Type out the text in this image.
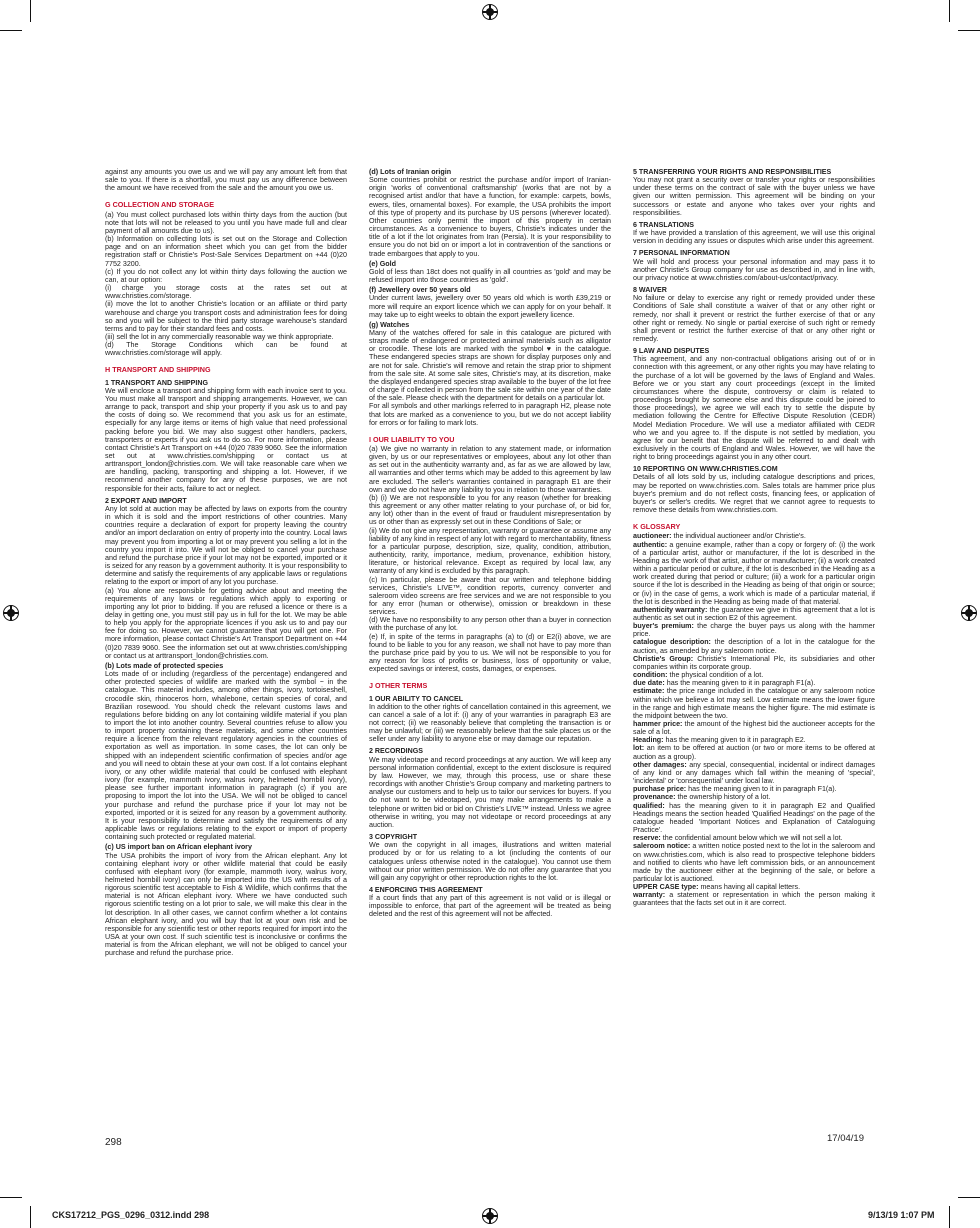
against any amounts you owe us and we will pay any amount left from that sale to you. If there is a shortfall, you must pay us any difference between the amount we have received from the sale and the amount you owe us.

G COLLECTION AND STORAGE

(a) You must collect purchased lots within thirty days from the auction (but note that lots will not be released to you until you have made full and clear payment of all amounts due to us).

(b) Information on collecting lots is set out on the Storage and Collection page and on an information sheet which you can get from the bidder registration staff or Christie's Post-Sale Services Department on +44 (0)20 7752 3200.

(c) If you do not collect any lot within thirty days following the auction we can, at our option:

(i) charge you storage costs at the rates set out at www.christies.com/storage.

(ii) move the lot to another Christie's location or an affiliate or third party warehouse and charge you transport costs and administration fees for doing so and you will be subject to the third party storage warehouse's standard terms and to pay for their standard fees and costs.

(iii) sell the lot in any commercially reasonable way we think appropriate.

(d) The Storage Conditions which can be found at www.christies.com/storage will apply.

H TRANSPORT AND SHIPPING

1 TRANSPORT AND SHIPPING

We will enclose a transport and shipping form with each invoice sent to you. You must make all transport and shipping arrangements. However, we can arrange to pack, transport and ship your property if you ask us to and pay the costs of doing so. We recommend that you ask us for an estimate, especially for any large items or items of high value that need professional packing before you bid. We may also suggest other handlers, packers, transporters or experts if you ask us to do so. For more information, please contact Christie's Art Transport on +44 (0)20 7839 9060. See the information set out at www.christies.com/shipping or contact us at arttransport_london@christies.com. We will take reasonable care when we are handling, packing, transporting and shipping a lot. However, if we recommend another company for any of these purposes, we are not responsible for their acts, failure to act or neglect.

2 EXPORT AND IMPORT

Any lot sold at auction may be affected by laws on exports from the country in which it is sold and the import restrictions of other countries. Many countries require a declaration of export for property leaving the country and/or an import declaration on entry of property into the country. Local laws may prevent you from importing a lot or may prevent you selling a lot in the country you import it into. We will not be obliged to cancel your purchase and refund the purchase price if your lot may not be exported, imported or it is seized for any reason by a government authority. It is your responsibility to determine and satisfy the requirements of any applicable laws or regulations relating to the export or import of any lot you purchase.

(a) You alone are responsible for getting advice about and meeting the requirements of any laws or regulations which apply to exporting or importing any lot prior to bidding. If you are refused a licence or there is a delay in getting one, you must still pay us in full for the lot. We may be able to help you apply for the appropriate licences if you ask us to and pay our fee for doing so. However, we cannot guarantee that you will get one. For more information, please contact Christie's Art Transport Department on +44 (0)20 7839 9060. See the information set out at www.christies.com/shipping or contact us at arttransport_london@christies.com.

(b) Lots made of protected species

Lots made of or including (regardless of the percentage) endangered and other protected species of wildlife are marked with the symbol ~ in the catalogue. This material includes, among other things, ivory, tortoiseshell, crocodile skin, rhinoceros horn, whalebone, certain species of coral, and Brazilian rosewood. You should check the relevant customs laws and regulations before bidding on any lot containing wildlife material if you plan to import the lot into another country. Several countries refuse to allow you to import property containing these materials, and some other countries require a licence from the relevant regulatory agencies in the countries of exportation as well as importation. In some cases, the lot can only be shipped with an independent scientific confirmation of species and/or age and you will need to obtain these at your own cost. If a lot contains elephant ivory, or any other wildlife material that could be confused with elephant ivory (for example, mammoth ivory, walrus ivory, helmeted hornbill ivory), please see further important information in paragraph (c) if you are proposing to import the lot into the USA. We will not be obliged to cancel your purchase and refund the purchase price if your lot may not be exported, imported or it is seized for any reason by a government authority. It is your responsibility to determine and satisfy the requirements of any applicable laws or regulations relating to the export or import of property containing such protected or regulated material.

(c) US import ban on African elephant ivory

The USA prohibits the import of ivory from the African elephant. Any lot containing elephant ivory or other wildlife material that could be easily confused with elephant ivory (for example, mammoth ivory, walrus ivory, helmeted hornbill ivory) can only be imported into the US with results of a rigorous scientific test acceptable to Fish & Wildlife, which confirms that the material is not African elephant ivory. Where we have conducted such rigorous scientific testing on a lot prior to sale, we will make this clear in the lot description. In all other cases, we cannot confirm whether a lot contains African elephant ivory, and you will buy that lot at your own risk and be responsible for any scientific test or other reports required for import into the USA at your own cost. If such scientific test is inconclusive or confirms the material is from the African elephant, we will not be obliged to cancel your purchase and refund the purchase price.

(d) Lots of Iranian origin

Some countries prohibit or restrict the purchase and/or import of Iranian-origin 'works of conventional craftsmanship' (works that are not by a recognised artist and/or that have a function, for example: carpets, bowls, ewers, tiles, ornamental boxes). For example, the USA prohibits the import of this type of property and its purchase by US persons (wherever located). Other countries only permit the import of this property in certain circumstances. As a convenience to buyers, Christie's indicates under the title of a lot if the lot originates from Iran (Persia). It is your responsibility to ensure you do not bid on or import a lot in contravention of the sanctions or trade embargoes that apply to you.

(e) Gold

Gold of less than 18ct does not qualify in all countries as 'gold' and may be refused import into those countries as 'gold'.

(f) Jewellery over 50 years old

Under current laws, jewellery over 50 years old which is worth £39,219 or more will require an export licence which we can apply for on your behalf. It may take up to eight weeks to obtain the export jewellery licence.

(g) Watches

Many of the watches offered for sale in this catalogue are pictured with straps made of endangered or protected animal materials such as alligator or crocodile. These lots are marked with the symbol ♥ in the catalogue. These endangered species straps are shown for display purposes only and are not for sale. Christie's will remove and retain the strap prior to shipment from the sale site. At some sale sites, Christie's may, at its discretion, make the displayed endangered species strap available to the buyer of the lot free of charge if collected in person from the sale site within one year of the date of the sale. Please check with the department for details on a particular lot.

For all symbols and other markings referred to in paragraph H2, please note that lots are marked as a convenience to you, but we do not accept liability for errors or for failing to mark lots.

I OUR LIABILITY TO YOU

(a) We give no warranty in relation to any statement made, or information given, by us or our representatives or employees, about any lot other than as set out in the authenticity warranty and, as far as we are allowed by law, all warranties and other terms which may be added to this agreement by law are excluded. The seller's warranties contained in paragraph E1 are their own and we do not have any liability to you in relation to those warranties.

(b) (i) We are not responsible to you for any reason (whether for breaking this agreement or any other matter relating to your purchase of, or bid for, any lot) other than in the event of fraud or fraudulent misrepresentation by us or other than as expressly set out in these Conditions of Sale; or

(ii) We do not give any representation, warranty or guarantee or assume any liability of any kind in respect of any lot with regard to merchantability, fitness for a particular purpose, description, size, quality, condition, attribution, authenticity, rarity, importance, medium, provenance, exhibition history, literature, or historical relevance. Except as required by local law, any warranty of any kind is excluded by this paragraph.

(c) In particular, please be aware that our written and telephone bidding services, Christie's LIVE™, condition reports, currency converter and saleroom video screens are free services and we are not responsible to you for any error (human or otherwise), omission or breakdown in these services.

(d) We have no responsibility to any person other than a buyer in connection with the purchase of any lot.

(e) If, in spite of the terms in paragraphs (a) to (d) or E2(i) above, we are found to be liable to you for any reason, we shall not have to pay more than the purchase price paid by you to us. We will not be responsible to you for any reason for loss of profits or business, loss of opportunity or value, expected savings or interest, costs, damages, or expenses.

J OTHER TERMS

1 OUR ABILITY TO CANCEL

In addition to the other rights of cancellation contained in this agreement, we can cancel a sale of a lot if: (i) any of your warranties in paragraph E3 are not correct; (ii) we reasonably believe that completing the transaction is or may be unlawful; or (iii) we reasonably believe that the sale places us or the seller under any liability to anyone else or may damage our reputation.

2 RECORDINGS

We may videotape and record proceedings at any auction. We will keep any personal information confidential, except to the extent disclosure is required by law. However, we may, through this process, use or share these recordings with another Christie's Group company and marketing partners to analyse our customers and to help us to tailor our services for buyers. If you do not want to be videotaped, you may make arrangements to make a telephone or written bid or bid on Christie's LIVE™ instead. Unless we agree otherwise in writing, you may not videotape or record proceedings at any auction.

3 COPYRIGHT

We own the copyright in all images, illustrations and written material produced by or for us relating to a lot (including the contents of our catalogues unless otherwise noted in the catalogue). You cannot use them without our prior written permission. We do not offer any guarantee that you will gain any copyright or other reproduction rights to the lot.

4 ENFORCING THIS AGREEMENT

If a court finds that any part of this agreement is not valid or is illegal or impossible to enforce, that part of the agreement will be treated as being deleted and the rest of this agreement will not be affected.

5 TRANSFERRING YOUR RIGHTS AND RESPONSIBILITIES

You may not grant a security over or transfer your rights or responsibilities under these terms on the contract of sale with the buyer unless we have given our written permission. This agreement will be binding on your successors or estate and anyone who takes over your rights and responsibilities.

6 TRANSLATIONS

If we have provided a translation of this agreement, we will use this original version in deciding any issues or disputes which arise under this agreement.

7 PERSONAL INFORMATION

We will hold and process your personal information and may pass it to another Christie's Group company for use as described in, and in line with, our privacy notice at www.christies.com/about-us/contact/privacy.

8 WAIVER

No failure or delay to exercise any right or remedy provided under these Conditions of Sale shall constitute a waiver of that or any other right or remedy, nor shall it prevent or restrict the further exercise of that or any other right or remedy. No single or partial exercise of such right or remedy shall prevent or restrict the further exercise of that or any other right or remedy.

9 LAW AND DISPUTES

This agreement, and any non-contractual obligations arising out of or in connection with this agreement, or any other rights you may have relating to the purchase of a lot will be governed by the laws of England and Wales. Before we or you start any court proceedings (except in the limited circumstances where the dispute, controversy or claim is related to proceedings brought by someone else and this dispute could be joined to those proceedings), we agree we will each try to settle the dispute by mediation following the Centre for Effective Dispute Resolution (CEDR) Model Mediation Procedure. We will use a mediator affiliated with CEDR who we and you agree to. If the dispute is not settled by mediation, you agree for our benefit that the dispute will be referred to and dealt with exclusively in the courts of England and Wales. However, we will have the right to bring proceedings against you in any other court.

10 REPORTING ON WWW.CHRISTIES.COM

Details of all lots sold by us, including catalogue descriptions and prices, may be reported on www.christies.com. Sales totals are hammer price plus buyer's premium and do not reflect costs, financing fees, or application of buyer's or seller's credits. We regret that we cannot agree to requests to remove these details from www.christies.com.

K GLOSSARY

auctioneer: the individual auctioneer and/or Christie's.

authentic: a genuine example, rather than a copy or forgery of: (i) the work of a particular artist, author or manufacturer, if the lot is described in the Heading as the work of that artist, author or manufacturer; (ii) a work created within a particular period or culture, if the lot is described in the Heading as a work created during that period or culture; (iii) a work for a particular origin source if the lot is described in the Heading as being of that origin or source; or (iv) in the case of gems, a work which is made of a particular material, if the lot is described in the Heading as being made of that material.

authenticity warranty: the guarantee we give in this agreement that a lot is authentic as set out in section E2 of this agreement.

buyer's premium: the charge the buyer pays us along with the hammer price.

catalogue description: the description of a lot in the catalogue for the auction, as amended by any saleroom notice.

Christie's Group: Christie's International Plc, its subsidiaries and other companies within its corporate group.

condition: the physical condition of a lot.

due date: has the meaning given to it in paragraph F1(a).

estimate: the price range included in the catalogue or any saleroom notice within which we believe a lot may sell. Low estimate means the lower figure in the range and high estimate means the higher figure. The mid estimate is the midpoint between the two.

hammer price: the amount of the highest bid the auctioneer accepts for the sale of a lot.

Heading: has the meaning given to it in paragraph E2.

lot: an item to be offered at auction (or two or more items to be offered at auction as a group).

other damages: any special, consequential, incidental or indirect damages of any kind or any damages which fall within the meaning of 'special', 'incidental' or 'consequential' under local law.

purchase price: has the meaning given to it in paragraph F1(a).

provenance: the ownership history of a lot.

qualified: has the meaning given to it in paragraph E2 and Qualified Headings means the section headed 'Qualified Headings' on the page of the catalogue headed 'Important Notices and Explanation of Cataloguing Practice'.

reserve: the confidential amount below which we will not sell a lot.

saleroom notice: a written notice posted next to the lot in the saleroom and on www.christies.com, which is also read to prospective telephone bidders and notified to clients who have left commission bids, or an announcement made by the auctioneer either at the beginning of the sale, or before a particular lot is auctioned.

UPPER CASE type: means having all capital letters.

warranty: a statement or representation in which the person making it guarantees that the facts set out in it are correct.

298	17/04/19
CKS17212_PGS_0296_0312.indd 298	9/13/19 1:07 PM
